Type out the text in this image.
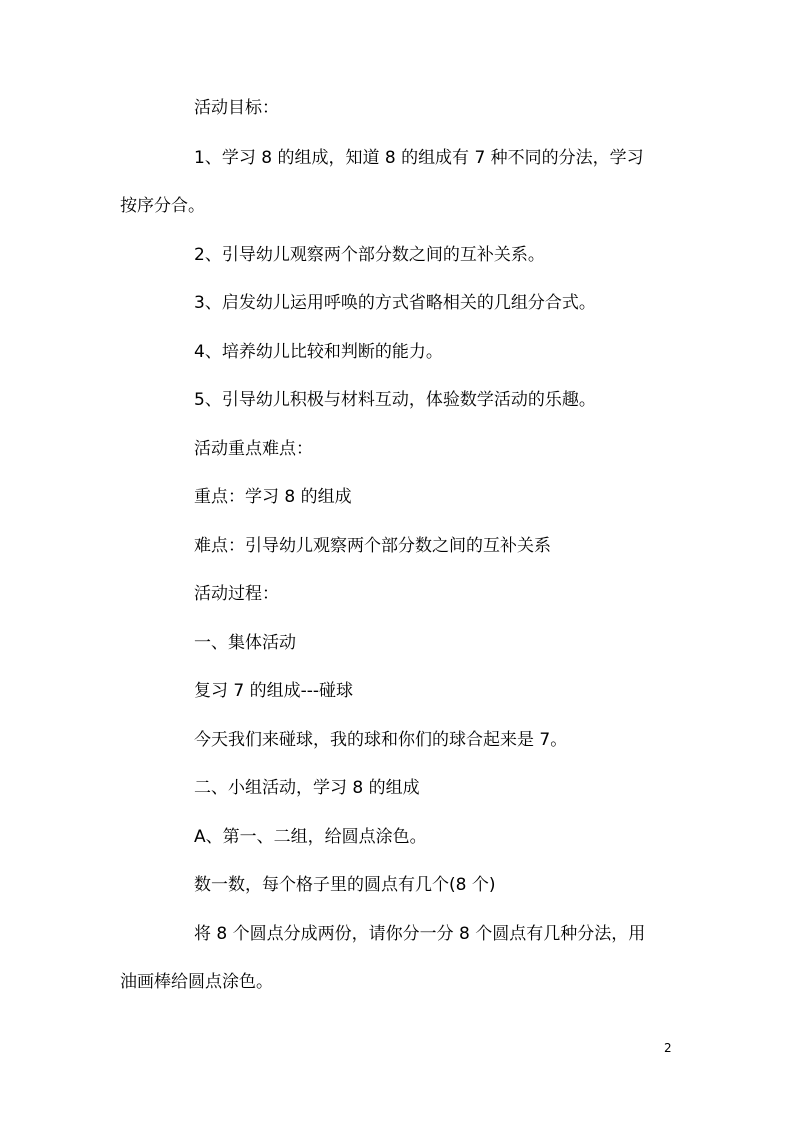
活动目标：
1、学习 8 的组成，知道 8 的组成有 7 种不同的分法，学习
按序分合。
2、引导幼儿观察两个部分数之间的互补关系。
3、启发幼儿运用呼唤的方式省略相关的几组分合式。
4、培养幼儿比较和判断的能力。
5、引导幼儿积极与材料互动，体验数学活动的乐趣。
活动重点难点：
重点：学习 8 的组成
难点：引导幼儿观察两个部分数之间的互补关系
活动过程：
一、集体活动
复习 7 的组成---碰球
今天我们来碰球，我的球和你们的球合起来是 7。
二、小组活动，学习 8 的组成
A、第一、二组，给圆点涂色。
数一数，每个格子里的圆点有几个(8 个)
将 8 个圆点分成两份，请你分一分 8 个圆点有几种分法，用
油画棒给圆点涂色。
2
